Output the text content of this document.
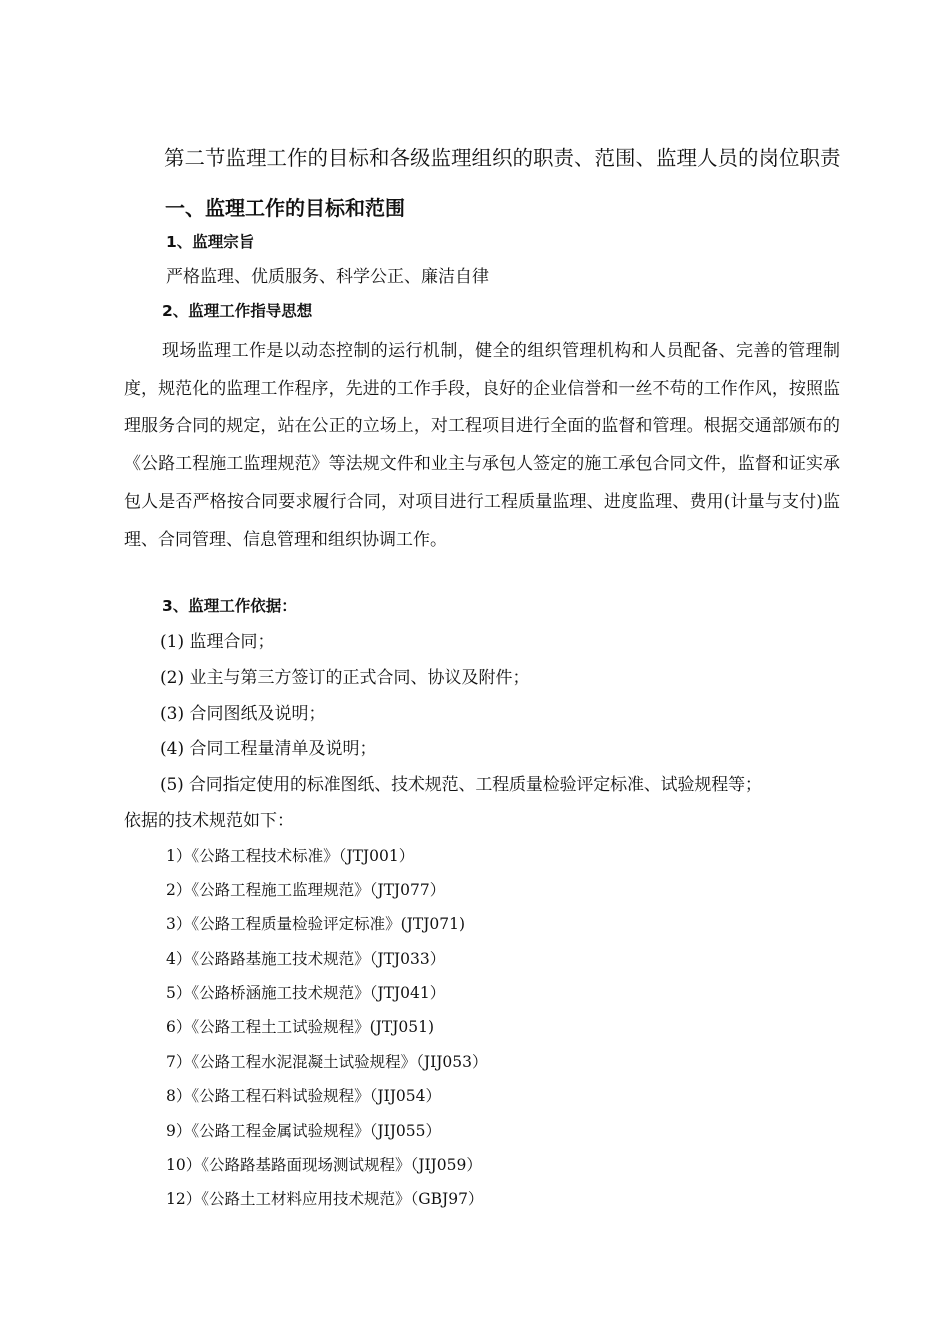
第二节监理工作的目标和各级监理组织的职责、范围、监理人员的岗位职责
一、监理工作的目标和范围
1、监理宗旨

严格监理、优质服务、科学公正、廉洁自律

2、监理工作指导思想

现场监理工作是以动态控制的运行机制，健全的组织管理机构和人员配备、完善的管理制度，规范化的监理工作程序，先进的工作手段，良好的企业信誉和一丝不苟的工作作风，按照监理服务合同的规定，站在公正的立场上，对工程项目进行全面的监督和管理。根据交通部颁布的《公路工程施工监理规范》等法规文件和业主与承包人签定的施工承包合同文件，监督和证实承包人是否严格按合同要求履行合同，对项目进行工程质量监理、进度监理、费用(计量与支付)监理、合同管理、信息管理和组织协调工作。

3、监理工作依据：

(1) 监理合同；

(2) 业主与第三方签订的正式合同、协议及附件；

(3) 合同图纸及说明；

(4) 合同工程量清单及说明；

(5) 合同指定使用的标准图纸、技术规范、工程质量检验评定标准、试验规程等；

依据的技术规范如下：

1）《公路工程技术标准》（JTJ001）

2）《公路工程施工监理规范》（JTJ077）

3）《公路工程质量检验评定标准》(JTJ071)

4）《公路路基施工技术规范》（JTJ033）

5）《公路桥涵施工技术规范》（JTJ041）

6）《公路工程土工试验规程》(JTJ051)

7）《公路工程水泥混凝土试验规程》（JIJ053）

8）《公路工程石料试验规程》（JIJ054）

9）《公路工程金属试验规程》（JIJ055）

10）《公路路基路面现场测试规程》（JIJ059）

12）《公路土工材料应用技术规范》（GBJ97）
